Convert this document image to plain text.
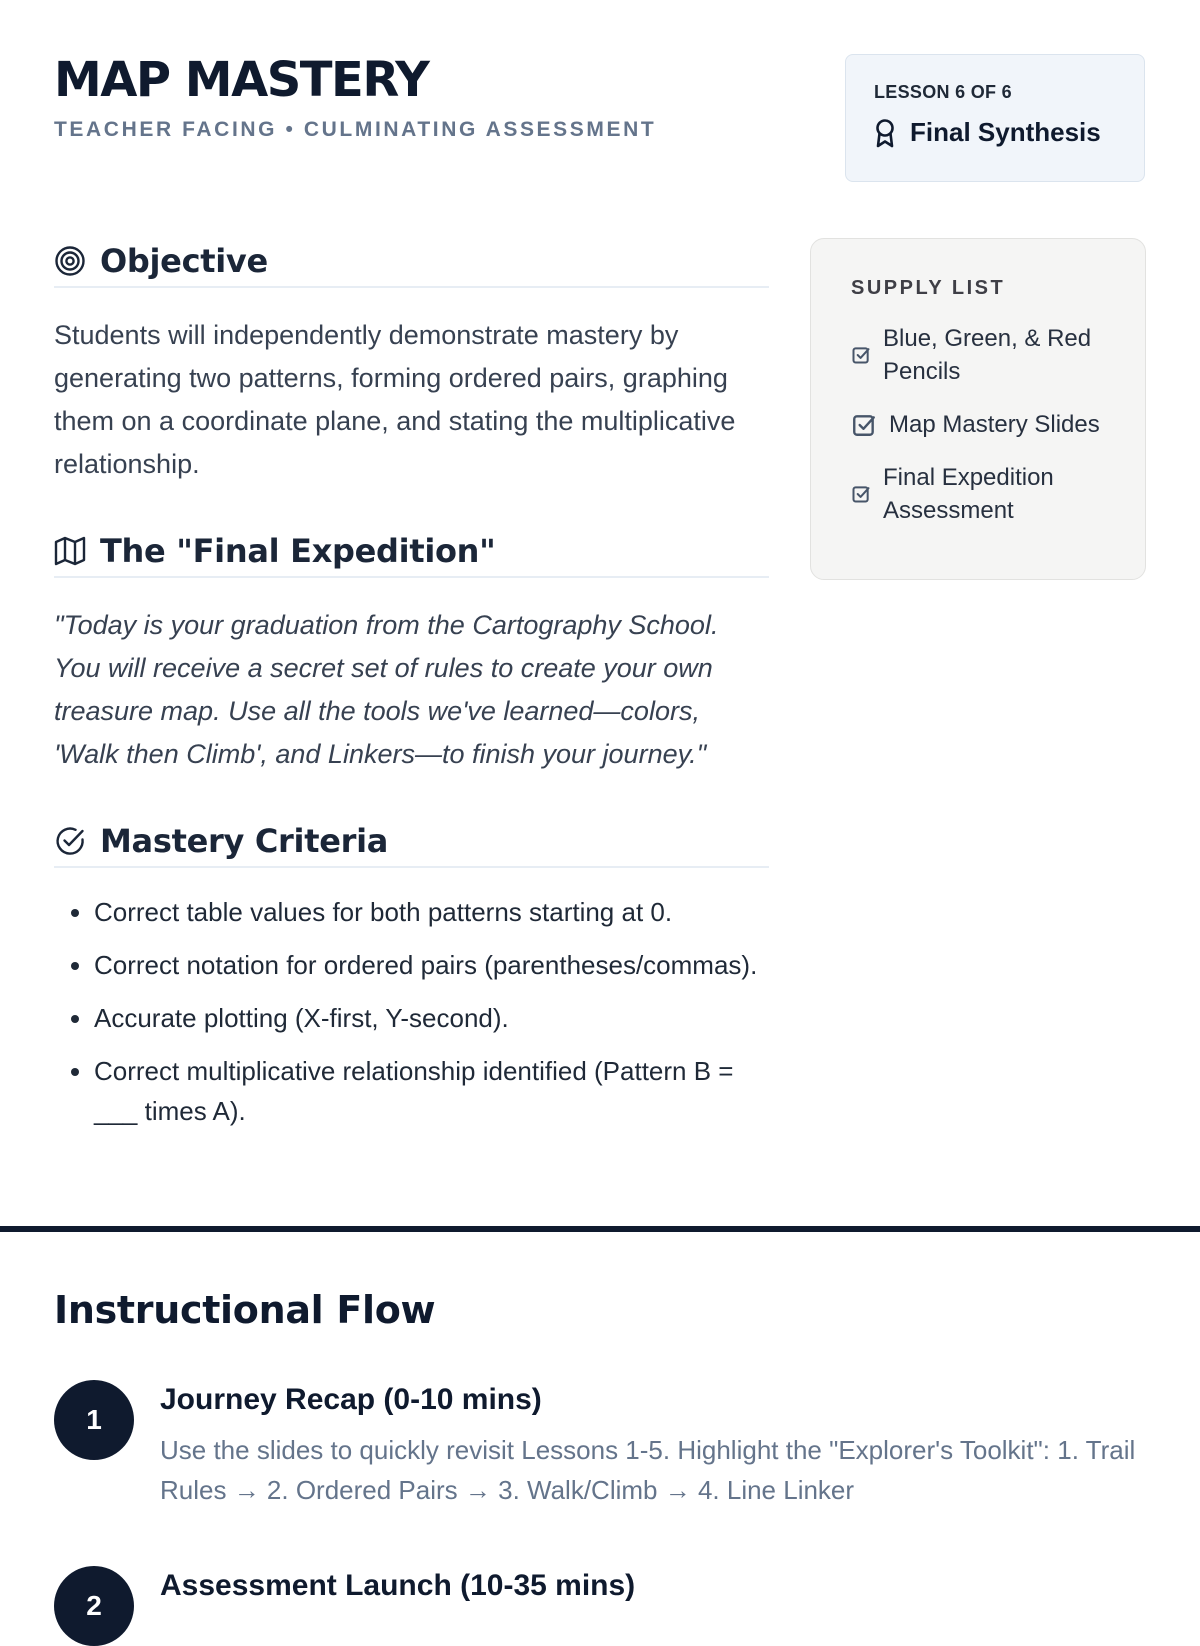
MAP MASTERY
TEACHER FACING • CULMINATING ASSESSMENT
LESSON 6 OF 6
Final Synthesis
Objective

Students will independently demonstrate mastery by generating two patterns, forming ordered pairs, graphing them on a coordinate plane, and stating the multiplicative relationship.

The "Final Expedition"

"Today is your graduation from the Cartography School. You will receive a secret set of rules to create your own treasure map. Use all the tools we've learned—colors, 'Walk then Climb', and Linkers—to finish your journey."

Mastery Criteria
• Correct table values for both patterns starting at 0.
• Correct notation for ordered pairs (parentheses/commas).
• Accurate plotting (X-first, Y-second).
• Correct multiplicative relationship identified (Pattern B = ___ times A).
SUPPLY LIST
Blue, Green, & Red Pencils
Map Mastery Slides
Final Expedition Assessment
Instructional Flow
1
Journey Recap (0-10 mins)
Use the slides to quickly revisit Lessons 1-5. Highlight the "Explorer's Toolkit": 1. Trail Rules → 2. Ordered Pairs → 3. Walk/Climb → 4. Line Linker
2
Assessment Launch (10-35 mins)
